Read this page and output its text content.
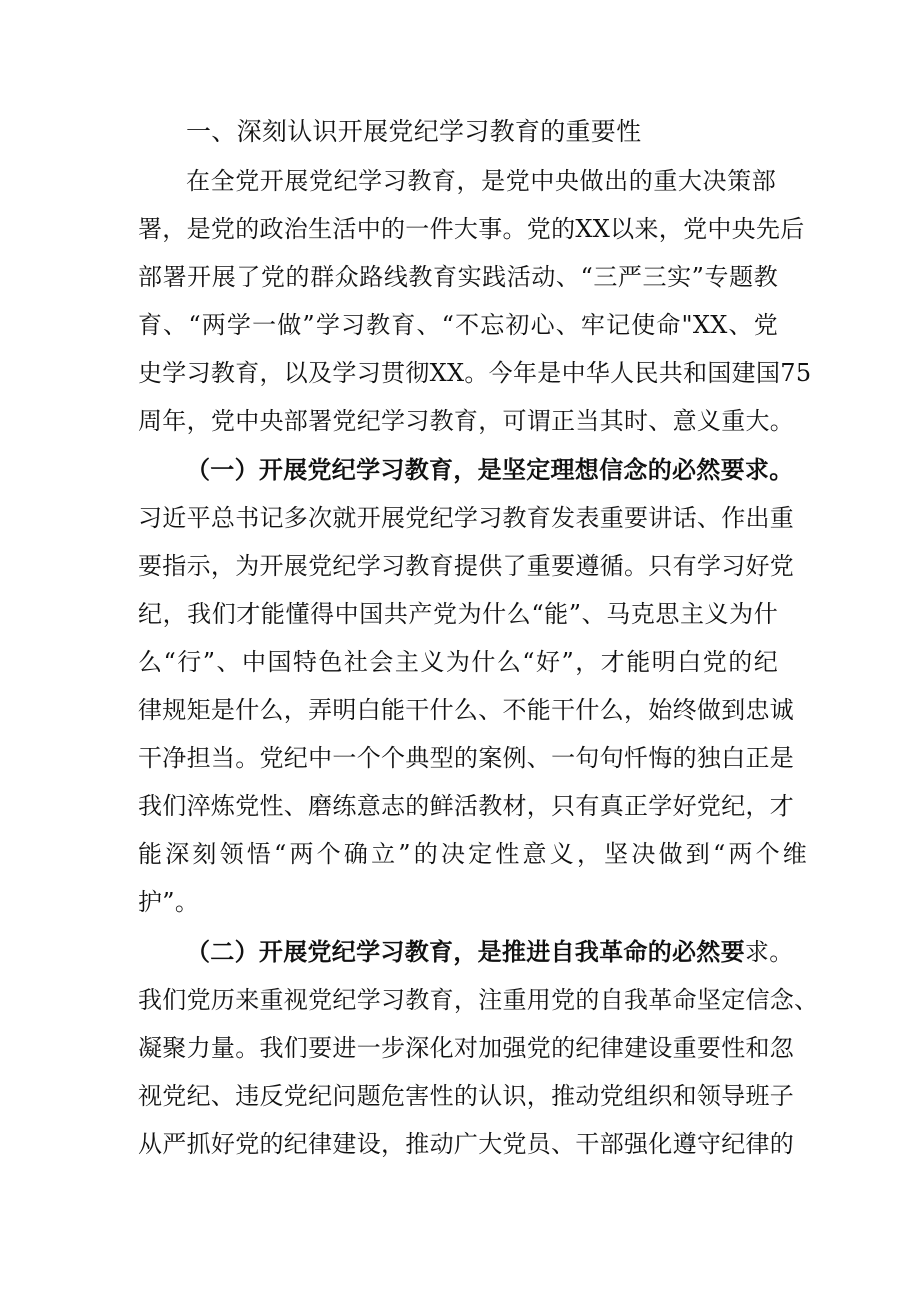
一、深刻认识开展党纪学习教育的重要性
在全党开展党纪学习教育，是党中央做出的重大决策部
署，是党的政治生活中的一件大事。党的XX以来，党中央先后
部署开展了党的群众路线教育实践活动、“三严三实”专题教
育、“两学一做”学习教育、“不忘初心、牢记使命"XX、党
史学习教育，以及学习贯彻XX。今年是中华人民共和国建国75
周年，党中央部署党纪学习教育，可谓正当其时、意义重大。
（一）开展党纪学习教育，是坚定理想信念的必然要求。
习近平总书记多次就开展党纪学习教育发表重要讲话、作出重
要指示，为开展党纪学习教育提供了重要遵循。只有学习好党
纪，我们才能懂得中国共产党为什么“能”、马克思主义为什
么“行”、中国特色社会主义为什么“好”，才能明白党的纪
律规矩是什么，弄明白能干什么、不能干什么，始终做到忠诚
干净担当。党纪中一个个典型的案例、一句句忏悔的独白正是
我们淬炼党性、磨练意志的鲜活教材，只有真正学好党纪，才
能深刻领悟“两个确立”的决定性意义，坚决做到“两个维
护”。
（二）开展党纪学习教育，是推进自我革命的必然要求。
我们党历来重视党纪学习教育，注重用党的自我革命坚定信念、
凝聚力量。我们要进一步深化对加强党的纪律建设重要性和忽
视党纪、违反党纪问题危害性的认识，推动党组织和领导班子
从严抓好党的纪律建设，推动广大党员、干部强化遵守纪律的
